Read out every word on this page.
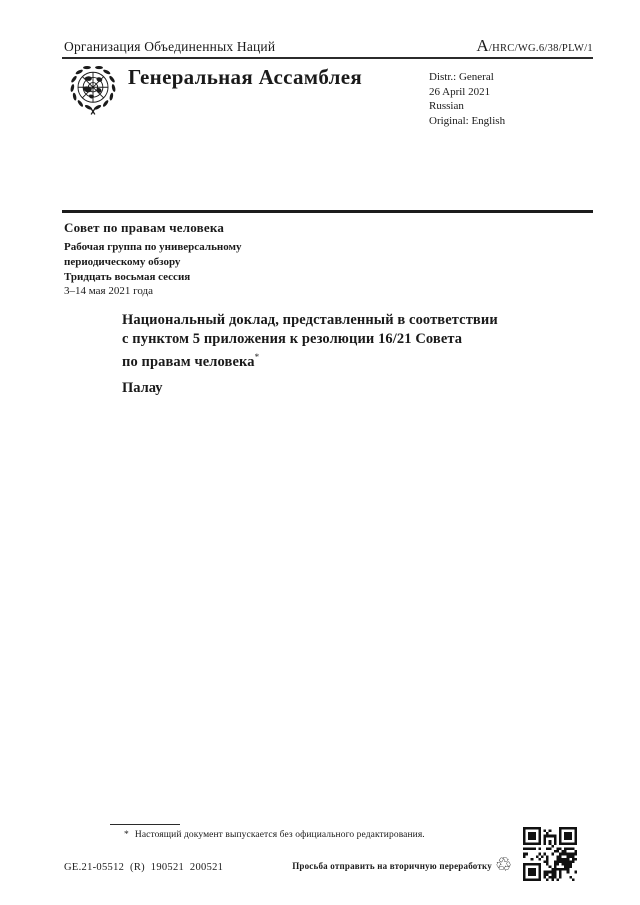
Организация Объединенных Наций	A/HRC/WG.6/38/PLW/1
Генеральная Ассамблея	Distr.: General
26 April 2021
Russian
Original: English
Совет по правам человека
Рабочая группа по универсальному
периодическому обзору
Тридцать восьмая сессия
3–14 мая 2021 года
Национальный доклад, представленный в соответствии
с пунктом 5 приложения к резолюции 16/21 Совета
по правам человека*
Палау
* Настоящий документ выпускается без официального редактирования.
GE.21-05512  (R)  190521  200521	Просьба отправить на вторичную переработку ♲
